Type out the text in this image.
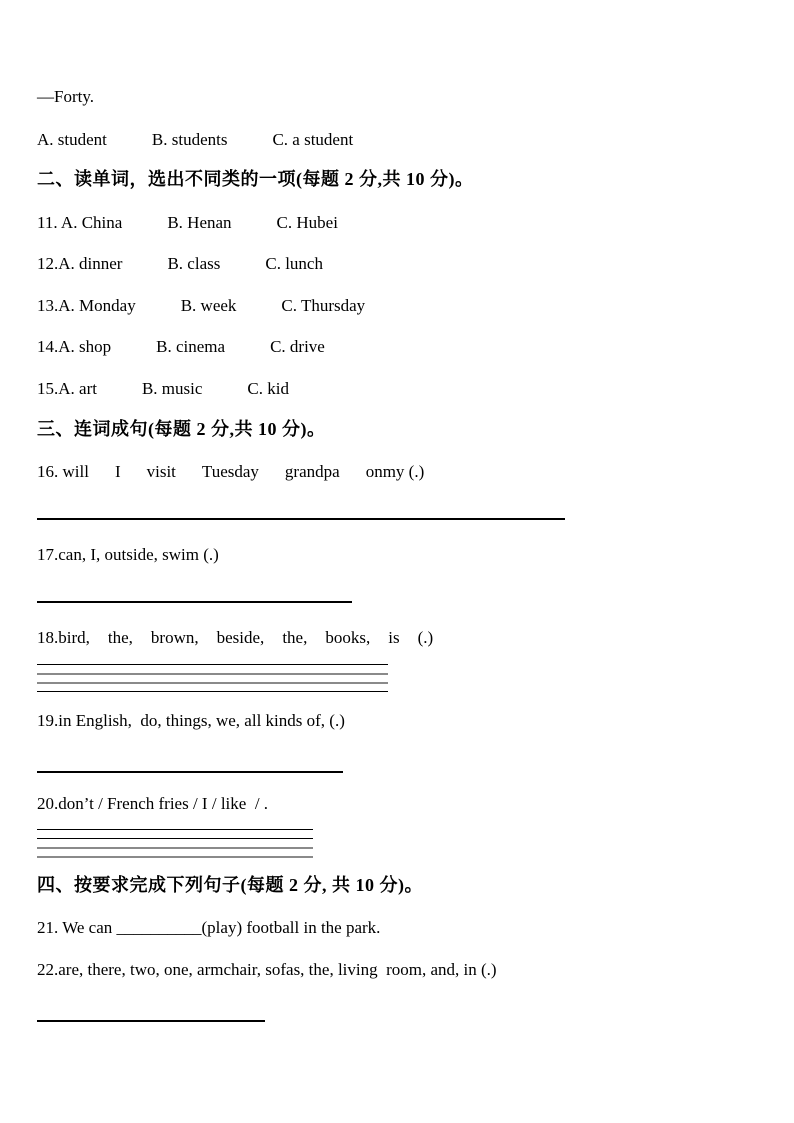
—Forty.

A. student	B. students	C. a student
二、读单词，选出不同类的一项(每题 2 分,共 10 分)。
11. A. China	B. Henan	C. Hubei
12.A. dinner	B. class	C. lunch
13.A. Monday	B. week	C. Thursday
14.A. shop	B. cinema	C. drive
15.A. art	B. music	C. kid
三、连词成句(每题 2 分,共 10 分)。
16. will I visit Tuesday grandpa onmy (.)

17.can, I, outside, swim (.)

18.bird, the, brown, beside, the, books, is (.)

19.in English,  do, things, we, all kinds of, (.)

20.don’t / French fries / I / like  / .

四、按要求完成下列句子(每题 2 分, 共 10 分)。

21. We can __________(play) football in the park.

22.are, there, two, one, armchair, sofas, the, living  room, and, in (.)
